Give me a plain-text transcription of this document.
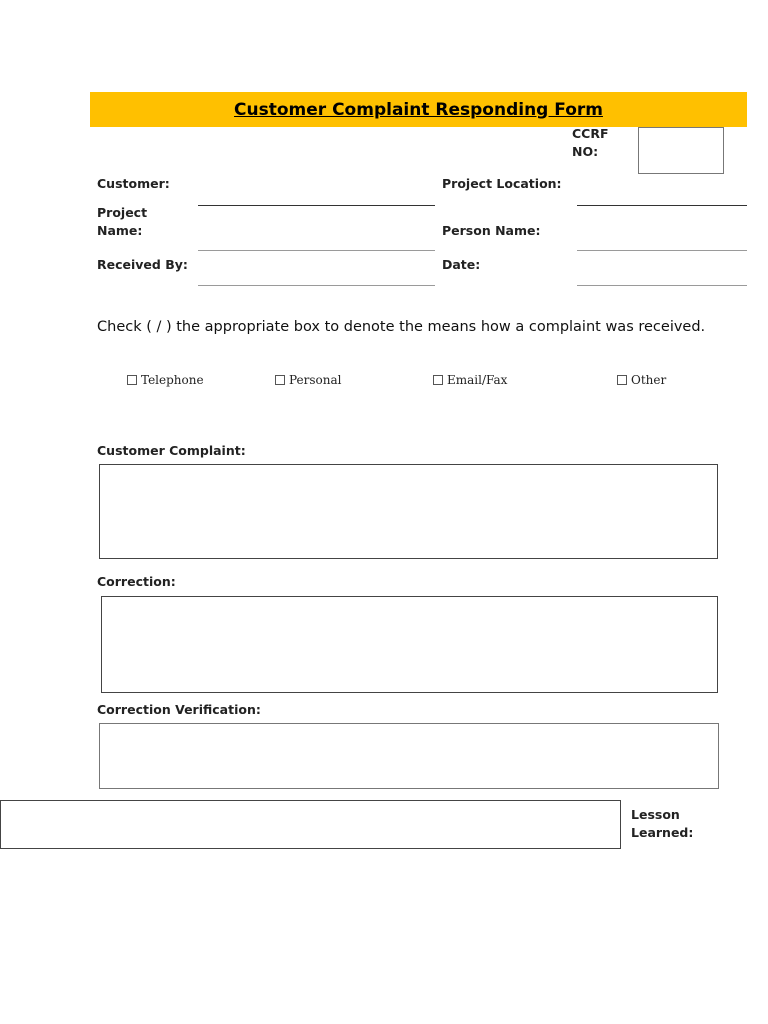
Customer Complaint Responding Form
CCRF NO:
Customer:	Project Location:
Project Name:	Person Name:
Received By:	Date:
Check ( / ) the appropriate box to denote the means how a complaint was received.
Telephone	Personal	Email/Fax	Other
Customer Complaint:
Correction:
Correction Verification:
Lesson Learned:
